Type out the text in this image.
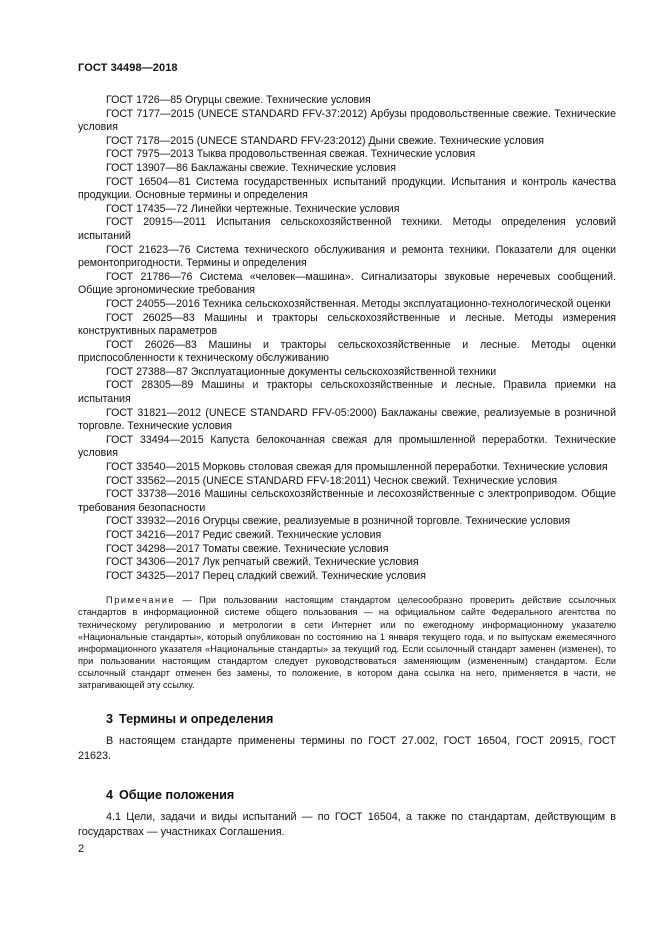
ГОСТ 34498—2018

ГОСТ 1726—85 Огурцы свежие. Технические условия

ГОСТ 7177—2015 (UNECE STANDARD FFV-37:2012) Арбузы продовольственные свежие. Технические условия

ГОСТ 7178—2015 (UNECE STANDARD FFV-23:2012) Дыни свежие. Технические условия

ГОСТ 7975—2013 Тыква продовольственная свежая. Технические условия

ГОСТ 13907—86 Баклажаны свежие. Технические условия

ГОСТ 16504—81 Система государственных испытаний продукции. Испытания и контроль качества продукции. Основные термины и определения

ГОСТ 17435—72 Линейки чертежные. Технические условия

ГОСТ 20915—2011 Испытания сельскохозяйственной техники. Методы определения условий испытаний

ГОСТ 21623—76 Система технического обслуживания и ремонта техники. Показатели для оценки ремонтопригодности. Термины и определения

ГОСТ 21786—76 Система «человек—машина». Сигнализаторы звуковые неречевых сообщений. Общие эргономические требования

ГОСТ 24055—2016 Техника сельскохозяйственная. Методы эксплуатационно-технологической оценки

ГОСТ 26025—83 Машины и тракторы сельскохозяйственные и лесные. Методы измерения конструктивных параметров

ГОСТ 26026—83 Машины и тракторы сельскохозяйственные и лесные. Методы оценки приспособленности к техническому обслуживанию

ГОСТ 27388—87 Эксплуатационные документы сельскохозяйственной техники

ГОСТ 28305—89 Машины и тракторы сельскохозяйственные и лесные. Правила приемки на испытания

ГОСТ 31821—2012 (UNECE STANDARD FFV-05:2000) Баклажаны свежие, реализуемые в розничной торговле. Технические условия

ГОСТ 33494—2015 Капуста белокочанная свежая для промышленной переработки. Технические условия

ГОСТ 33540—2015 Морковь столовая свежая для промышленной переработки. Технические условия

ГОСТ 33562—2015 (UNECE STANDARD FFV-18:2011) Чеснок свежий. Технические условия

ГОСТ 33738—2016 Машины сельскохозяйственные и лесохозяйственные с электроприводом. Общие требования безопасности

ГОСТ 33932—2016 Огурцы свежие, реализуемые в розничной торговле. Технические условия

ГОСТ 34216—2017 Редис свежий. Технические условия

ГОСТ 34298—2017 Томаты свежие. Технические условия

ГОСТ 34306—2017 Лук репчатый свежий. Технические условия

ГОСТ 34325—2017 Перец сладкий свежий. Технические условия

Примечание — При пользовании настоящим стандартом целесообразно проверить действие ссылочных стандартов в информационной системе общего пользования — на официальном сайте Федерального агентства по техническому регулированию и метрологии в сети Интернет или по ежегодному информационному указателю «Национальные стандарты», который опубликован по состоянию на 1 января текущего года, и по выпускам ежемесячного информационного указателя «Национальные стандарты» за текущий год. Если ссылочный стандарт заменен (изменен), то при пользовании настоящим стандартом следует руководствоваться заменяющим (измененным) стандартом. Если ссылочный стандарт отменен без замены, то положение, в котором дана ссылка на него, применяется в части, не затрагивающей эту ссылку.

3 Термины и определения

В настоящем стандарте применены термины по ГОСТ 27.002, ГОСТ 16504, ГОСТ 20915, ГОСТ 21623.

4 Общие положения

4.1 Цели, задачи и виды испытаний — по ГОСТ 16504, а также по стандартам, действующим в государствах — участниках Соглашения.

2
